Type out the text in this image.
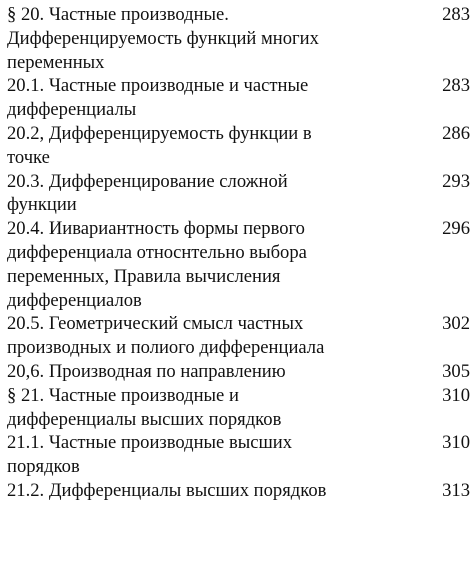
§ 20. Частные производные.
Дифференцируемость функций многих
переменных
283
20.1. Частные производные и частные
дифференциалы
283
20.2, Дифференцируемость функции в
точке
286
20.3. Дифференцирование сложной
функции
293
20.4. Иивариантность формы первого
дифференциала отноcнтельно выбора
переменных, Правила вычисления
дифференциалов
296
20.5. Геометрический смысл частных
производных и полиого дифференциала
302
20,6. Производная по направлению	305
§ 21. Частные производные и
дифференциалы высших порядков
310
21.1. Частные производные высших
порядков
310
21.2. Дифференциалы высших порядков	313
